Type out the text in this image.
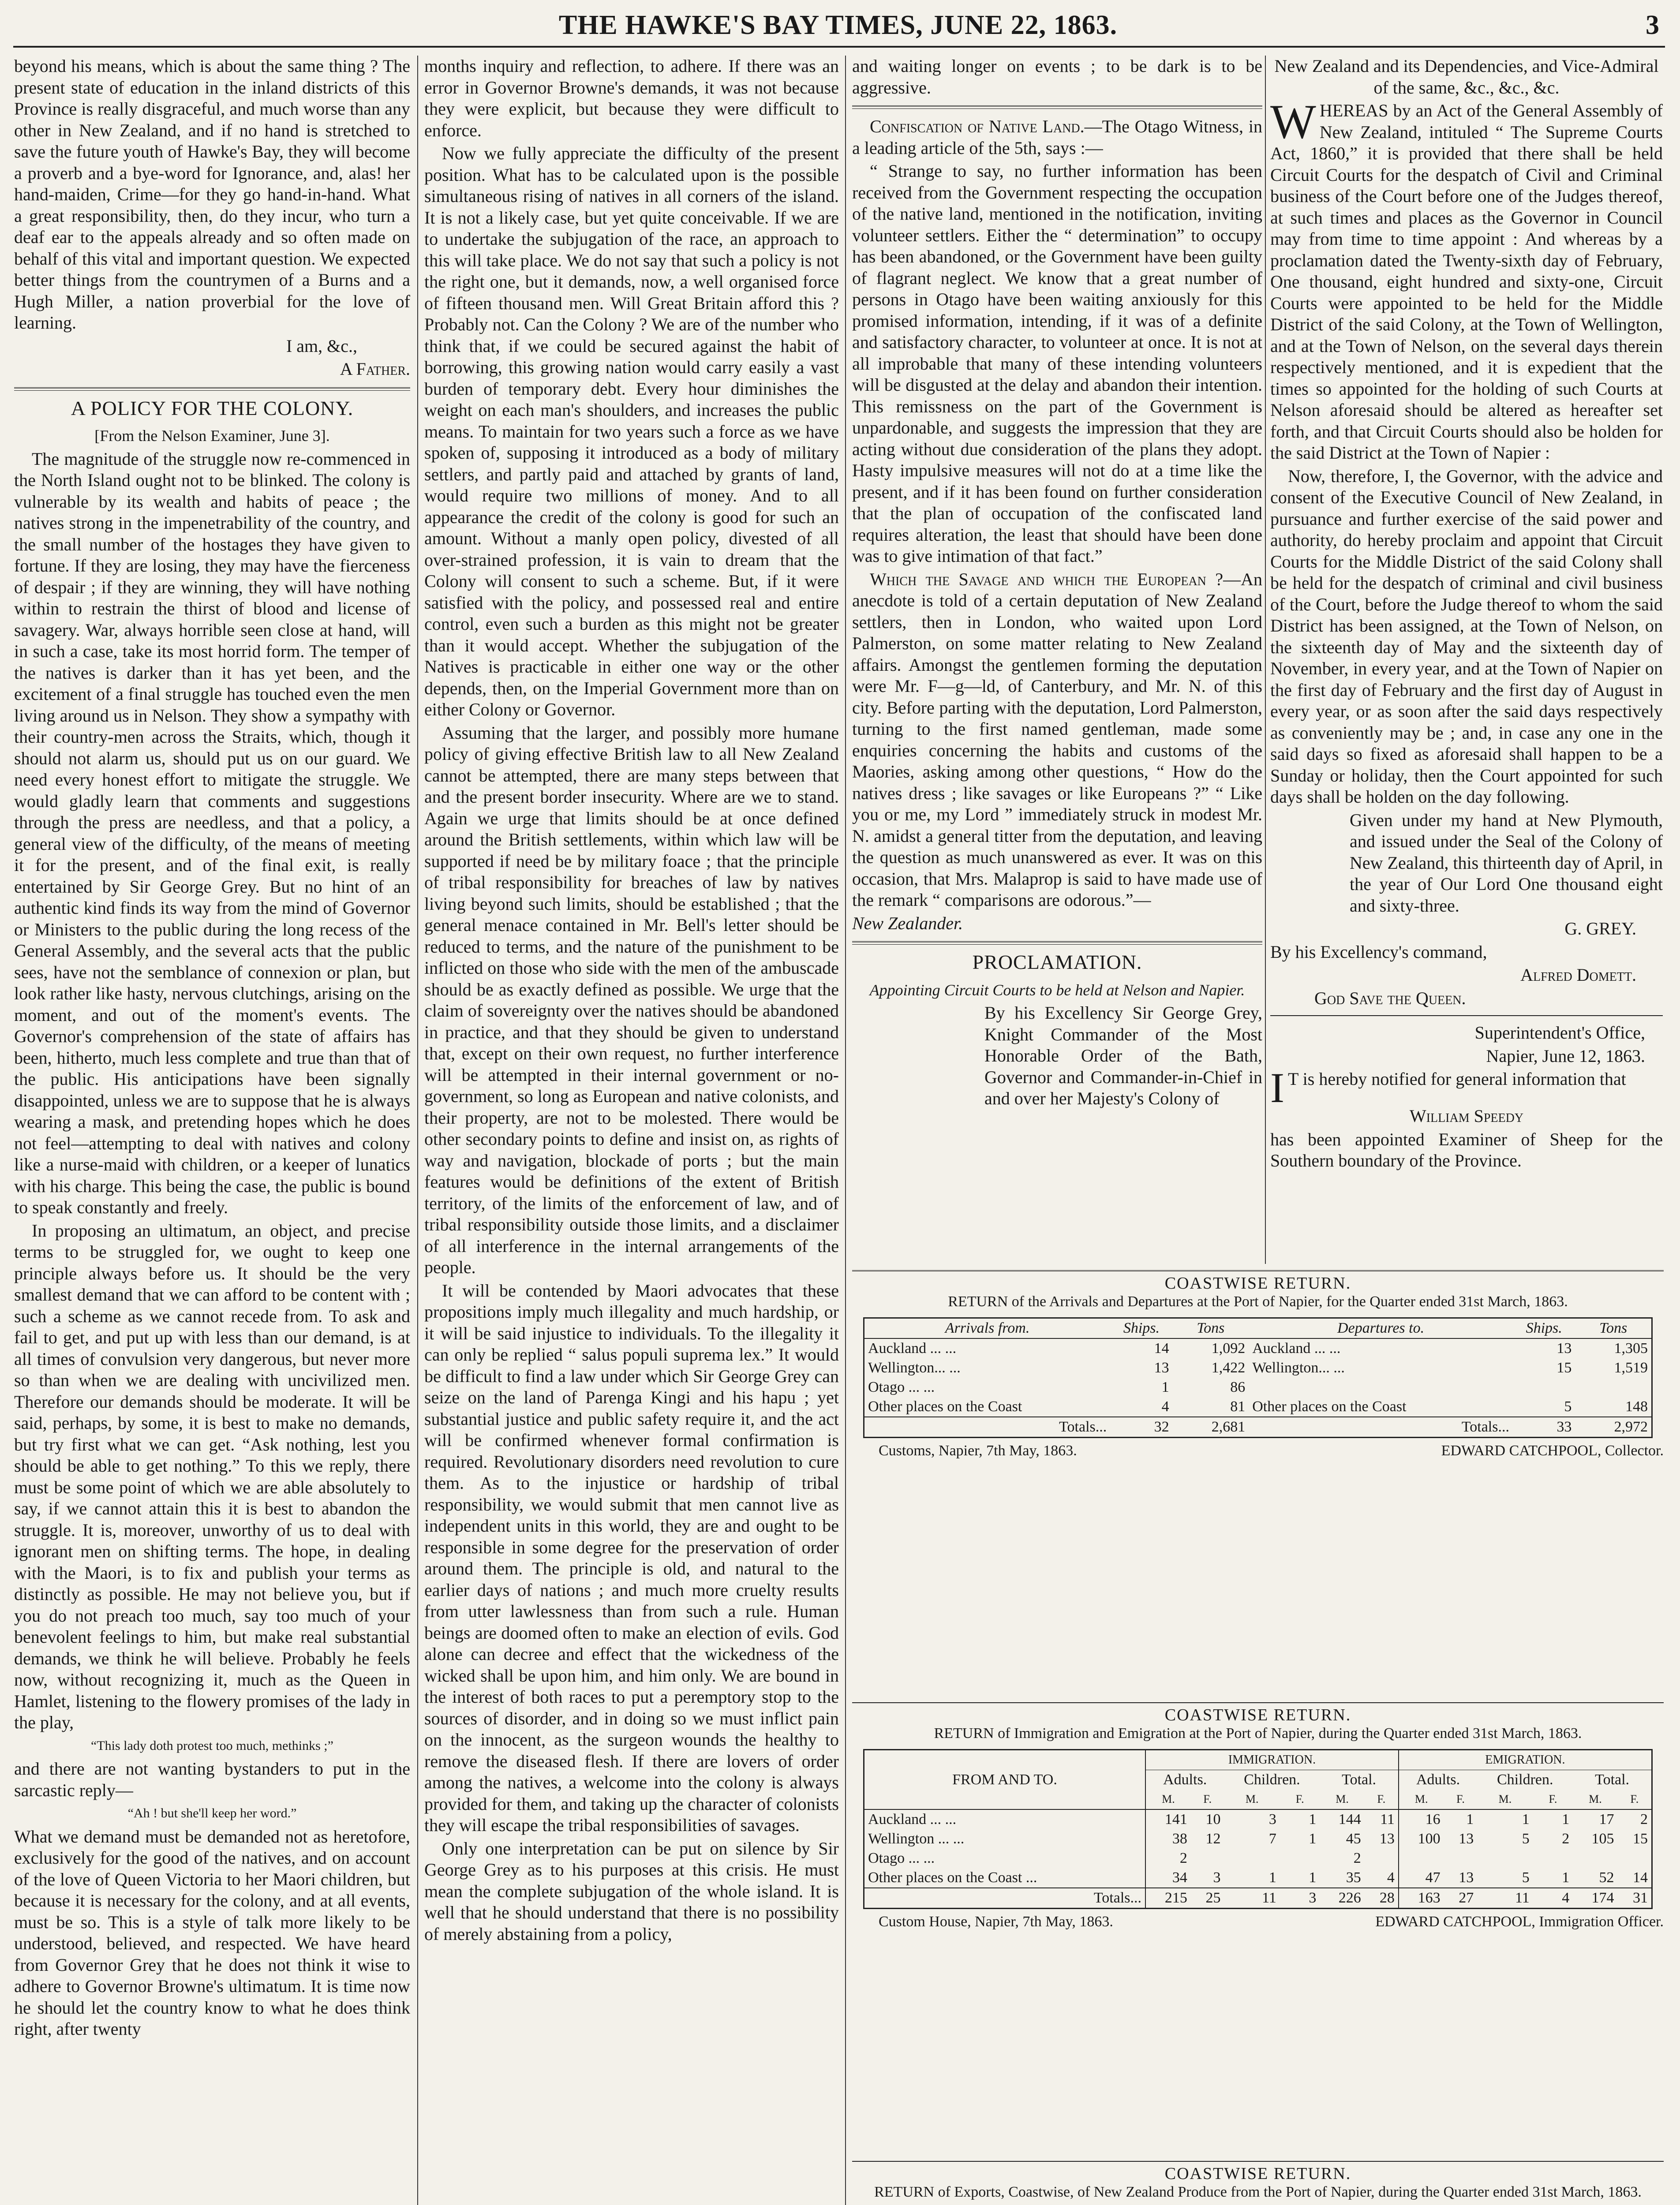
THE HAWKE'S BAY TIMES, JUNE 22, 1863.	3

beyond his means, which is about the same thing ? The present state of education in the inland districts of this Province is really disgraceful, and much worse than any other in New Zealand, and if no hand is stretched to save the future youth of Hawke's Bay, they will become a proverb and a bye-word for Ignorance, and, alas! her hand-maiden, Crime—for they go hand-in-hand. What a great responsibility, then, do they incur, who turn a deaf ear to the appeals already and so often made on behalf of this vital and important question. We expected better things from the countrymen of a Burns and a Hugh Miller, a nation proverbial for the love of learning.

I am, &c.,

A Father.

A POLICY FOR THE COLONY.

[From the Nelson Examiner, June 3].

The magnitude of the struggle now re-commenced in the North Island ought not to be blinked. The colony is vulnerable by its wealth and habits of peace ; the natives strong in the impenetrability of the country, and the small number of the hostages they have given to fortune. If they are losing, they may have the fierceness of despair ; if they are winning, they will have nothing within to restrain the thirst of blood and license of savagery. War, always horrible seen close at hand, will in such a case, take its most horrid form. The temper of the natives is darker than it has yet been, and the excitement of a final struggle has touched even the men living around us in Nelson. They show a sympathy with their country-men across the Straits, which, though it should not alarm us, should put us on our guard. We need every honest effort to mitigate the struggle. We would gladly learn that comments and suggestions through the press are needless, and that a policy, a general view of the difficulty, of the means of meeting it for the present, and of the final exit, is really entertained by Sir George Grey. But no hint of an authentic kind finds its way from the mind of Governor or Ministers to the public during the long recess of the General Assembly, and the several acts that the public sees, have not the semblance of connexion or plan, but look rather like hasty, nervous clutchings, arising on the moment, and out of the moment's events. The Governor's comprehension of the state of affairs has been, hitherto, much less complete and true than that of the public. His anticipations have been signally disappointed, unless we are to suppose that he is always wearing a mask, and pretending hopes which he does not feel—attempting to deal with natives and colony like a nurse-maid with children, or a keeper of lunatics with his charge. This being the case, the public is bound to speak constantly and freely.

In proposing an ultimatum, an object, and precise terms to be struggled for, we ought to keep one principle always before us. It should be the very smallest demand that we can afford to be content with ; such a scheme as we cannot recede from. To ask and fail to get, and put up with less than our demand, is at all times of convulsion very dangerous, but never more so than when we are dealing with uncivilized men. Therefore our demands should be moderate. It will be said, perhaps, by some, it is best to make no demands, but try first what we can get. “Ask nothing, lest you should be able to get nothing.” To this we reply, there must be some point of which we are able absolutely to say, if we cannot attain this it is best to abandon the struggle. It is, moreover, unworthy of us to deal with ignorant men on shifting terms. The hope, in dealing with the Maori, is to fix and publish your terms as distinctly as possible. He may not believe you, but if you do not preach too much, say too much of your benevolent feelings to him, but make real substantial demands, we think he will believe. Probably he feels now, without recognizing it, much as the Queen in Hamlet, listening to the flowery promises of the lady in the play,

“This lady doth protest too much, methinks ;”

and there are not wanting bystanders to put in the sarcastic reply—

“Ah ! but she'll keep her word.”

What we demand must be demanded not as heretofore, exclusively for the good of the natives, and on account of the love of Queen Victoria to her Maori children, but because it is necessary for the colony, and at all events, must be so. This is a style of talk more likely to be understood, believed, and respected. We have heard from Governor Grey that he does not think it wise to adhere to Governor Browne's ultimatum. It is time now he should let the country know to what he does think right, after twenty

months inquiry and reflection, to adhere. If there was an error in Governor Browne's demands, it was not because they were explicit, but because they were difficult to enforce.

Now we fully appreciate the difficulty of the present position. What has to be calculated upon is the possible simultaneous rising of natives in all corners of the island. It is not a likely case, but yet quite conceivable. If we are to undertake the subjugation of the race, an approach to this will take place. We do not say that such a policy is not the right one, but it demands, now, a well organised force of fifteen thousand men. Will Great Britain afford this ? Probably not. Can the Colony ? We are of the number who think that, if we could be secured against the habit of borrowing, this growing nation would carry easily a vast burden of temporary debt. Every hour diminishes the weight on each man's shoulders, and increases the public means. To maintain for two years such a force as we have spoken of, supposing it introduced as a body of military settlers, and partly paid and attached by grants of land, would require two millions of money. And to all appearance the credit of the colony is good for such an amount. Without a manly open policy, divested of all over-strained profession, it is vain to dream that the Colony will consent to such a scheme. But, if it were satisfied with the policy, and possessed real and entire control, even such a burden as this might not be greater than it would accept. Whether the subjugation of the Natives is practicable in either one way or the other depends, then, on the Imperial Government more than on either Colony or Governor.

Assuming that the larger, and possibly more humane policy of giving effective British law to all New Zealand cannot be attempted, there are many steps between that and the present border insecurity. Where are we to stand. Again we urge that limits should be at once defined around the British settlements, within which law will be supported if need be by military foace ; that the principle of tribal responsibility for breaches of law by natives living beyond such limits, should be established ; that the general menace contained in Mr. Bell's letter should be reduced to terms, and the nature of the punishment to be inflicted on those who side with the men of the ambuscade should be as exactly defined as possible. We urge that the claim of sovereignty over the natives should be abandoned in practice, and that they should be given to understand that, except on their own request, no further interference will be attempted in their internal government or no-government, so long as European and native colonists, and their property, are not to be molested. There would be other secondary points to define and insist on, as rights of way and navigation, blockade of ports ; but the main features would be definitions of the extent of British territory, of the limits of the enforcement of law, and of tribal responsibility outside those limits, and a disclaimer of all interference in the internal arrangements of the people.

It will be contended by Maori advocates that these propositions imply much illegality and much hardship, or it will be said injustice to individuals. To the illegality it can only be replied “ salus populi suprema lex.” It would be difficult to find a law under which Sir George Grey can seize on the land of Parenga Kingi and his hapu ; yet substantial justice and public safety require it, and the act will be confirmed whenever formal confirmation is required. Revolutionary disorders need revolution to cure them. As to the injustice or hardship of tribal responsibility, we would submit that men cannot live as independent units in this world, they are and ought to be responsible in some degree for the preservation of order around them. The principle is old, and natural to the earlier days of nations ; and much more cruelty results from utter lawlessness than from such a rule. Human beings are doomed often to make an election of evils. God alone can decree and effect that the wickedness of the wicked shall be upon him, and him only. We are bound in the interest of both races to put a peremptory stop to the sources of disorder, and in doing so we must inflict pain on the innocent, as the surgeon wounds the healthy to remove the diseased flesh. If there are lovers of order among the natives, a welcome into the colony is always provided for them, and taking up the character of colonists they will escape the tribal responsibilities of savages.

Only one interpretation can be put on silence by Sir George Grey as to his purposes at this crisis. He must mean the complete subjugation of the whole island. It is well that he should understand that there is no possibility of merely abstaining from a policy,

and waiting longer on events ; to be dark is to be aggressive.

Confiscation of Native Land.—The Otago Witness, in a leading article of the 5th, says :—

“ Strange to say, no further information has been received from the Government respecting the occupation of the native land, mentioned in the notification, inviting volunteer settlers. Either the “ determination” to occupy has been abandoned, or the Government have been guilty of flagrant neglect. We know that a great number of persons in Otago have been waiting anxiously for this promised information, intending, if it was of a definite and satisfactory character, to volunteer at once. It is not at all improbable that many of these intending volunteers will be disgusted at the delay and abandon their intention. This remissness on the part of the Government is unpardonable, and suggests the impression that they are acting without due consideration of the plans they adopt. Hasty impulsive measures will not do at a time like the present, and if it has been found on further consideration that the plan of occupation of the confiscated land requires alteration, the least that should have been done was to give intimation of that fact.”

Which the Savage and which the European ?—An anecdote is told of a certain deputation of New Zealand settlers, then in London, who waited upon Lord Palmerston, on some matter relating to New Zealand affairs. Amongst the gentlemen forming the deputation were Mr. F—g—ld, of Canterbury, and Mr. N. of this city. Before parting with the deputation, Lord Palmerston, turning to the first named gentleman, made some enquiries concerning the habits and customs of the Maories, asking among other questions, “ How do the natives dress ; like savages or like Europeans ?” “ Like you or me, my Lord ” immediately struck in modest Mr. N. amidst a general titter from the deputation, and leaving the question as much unanswered as ever. It was on this occasion, that Mrs. Malaprop is said to have made use of the remark “ comparisons are odorous.”—

New Zealander.

PROCLAMATION.

Appointing Circuit Courts to be held at Nelson and Napier.

By his Excellency Sir George Grey, Knight Commander of the Most Honorable Order of the Bath, Governor and Commander-in-Chief in and over her Majesty's Colony of

New Zealand and its Dependencies, and Vice-Admiral of the same, &c., &c., &c.

WHEREAS by an Act of the General Assembly of New Zealand, intituled “ The Supreme Courts Act, 1860,” it is provided that there shall be held Circuit Courts for the despatch of Civil and Criminal business of the Court before one of the Judges thereof, at such times and places as the Governor in Council may from time to time appoint : And whereas by a proclamation dated the Twenty-sixth day of February, One thousand, eight hundred and sixty-one, Circuit Courts were appointed to be held for the Middle District of the said Colony, at the Town of Wellington, and at the Town of Nelson, on the several days therein respectively mentioned, and it is expedient that the times so appointed for the holding of such Courts at Nelson aforesaid should be altered as hereafter set forth, and that Circuit Courts should also be holden for the said District at the Town of Napier :

Now, therefore, I, the Governor, with the advice and consent of the Executive Council of New Zealand, in pursuance and further exercise of the said power and authority, do hereby proclaim and appoint that Circuit Courts for the Middle District of the said Colony shall be held for the despatch of criminal and civil business of the Court, before the Judge thereof to whom the said District has been assigned, at the Town of Nelson, on the sixteenth day of May and the sixteenth day of November, in every year, and at the Town of Napier on the first day of February and the first day of August in every year, or as soon after the said days respectively as conveniently may be ; and, in case any one in the said days so fixed as aforesaid shall happen to be a Sunday or holiday, then the Court appointed for such days shall be holden on the day following.

Given under my hand at New Plymouth, and issued under the Seal of the Colony of New Zealand, this thirteenth day of April, in the year of Our Lord One thousand eight and sixty-three.

G. GREY.

By his Excellency's command,

Alfred Domett.

God Save the Queen.

Superintendent's Office,

Napier, June 12, 1863.

I T is hereby notified for general information that

William Speedy

has been appointed Examiner of Sheep for the Southern boundary of the Province.

COASTWISE RETURN.
RETURN of the Arrivals and Departures at the Port of Napier, for the Quarter ended 31st March, 1863.
Arrivals from.	Ships.	Tons	Departures to.	Ships.	Tons
Auckland ... ...	14	1,092	Auckland ... ...	13	1,305
Wellington... ...	13	1,422	Wellington... ...	15	1,519
Otago ... ...	1	86			
Other places on the Coast	4	81	Other places on the Coast	5	148
Totals...	32	2,681	Totals...	33	2,972
Customs, Napier, 7th May, 1863.	EDWARD CATCHPOOL, Collector.
COASTWISE RETURN.
RETURN of Immigration and Emigration at the Port of Napier, during the Quarter ended 31st March, 1863.
FROM AND TO.	IMMIGRATION.						EMIGRATION.					
	Adults.		Children.		Total.		Adults.		Children.		Total.	
	M.	F.	M.	F.	M.	F.	M.	F.	M.	F.	M.	F.
Auckland ... ...	141	10	3	1	144	11	16	1	1	1	17	2
Wellington ... ...	38	12	7	1	45	13	100	13	5	2	105	15
Otago ... ...	2				2							
Other places on the Coast ...	34	3	1	1	35	4	47	13	5	1	52	14
Totals...	215	25	11	3	226	28	163	27	11	4	174	31
Custom House, Napier, 7th May, 1863.	EDWARD CATCHPOOL, Immigration Officer.
COASTWISE RETURN.
RETURN of Exports, Coastwise, of New Zealand Produce from the Port of Napier, during the Quarter ended 31st March, 1863.
